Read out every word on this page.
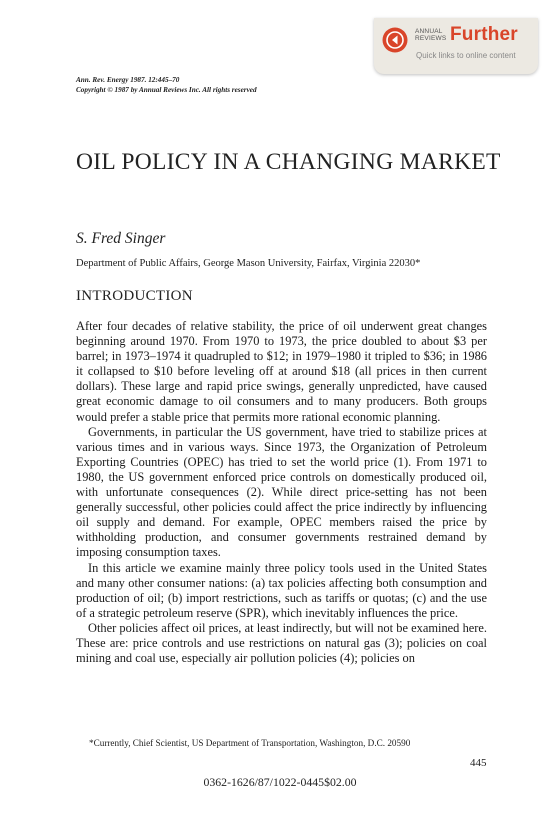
ANNUAL REVIEWS Further
Quick links to online content
Ann. Rev. Energy 1987. 12:445–70
Copyright © 1987 by Annual Reviews Inc. All rights reserved
OIL POLICY IN A CHANGING MARKET
S. Fred Singer
Department of Public Affairs, George Mason University, Fairfax, Virginia 22030*
INTRODUCTION

After four decades of relative stability, the price of oil underwent great changes beginning around 1970. From 1970 to 1973, the price doubled to about $3 per barrel; in 1973–1974 it quadrupled to $12; in 1979–1980 it tripled to $36; in 1986 it collapsed to $10 before leveling off at around $18 (all prices in then current dollars). These large and rapid price swings, generally unpredicted, have caused great economic damage to oil consumers and to many producers. Both groups would prefer a stable price that permits more rational economic planning.

Governments, in particular the US government, have tried to stabilize prices at various times and in various ways. Since 1973, the Organization of Petroleum Exporting Countries (OPEC) has tried to set the world price (1). From 1971 to 1980, the US government enforced price controls on domestically produced oil, with unfortunate consequences (2). While direct price-setting has not been generally successful, other policies could affect the price indirectly by influencing oil supply and demand. For example, OPEC members raised the price by withholding production, and consumer governments restrained demand by imposing consumption taxes.

In this article we examine mainly three policy tools used in the United States and many other consumer nations: (a) tax policies affecting both consumption and production of oil; (b) import restrictions, such as tariffs or quotas; (c) and the use of a strategic petroleum reserve (SPR), which inevitably influences the price.

Other policies affect oil prices, at least indirectly, but will not be examined here. These are: price controls and use restrictions on natural gas (3); policies on coal mining and coal use, especially air pollution policies (4); policies on

*Currently, Chief Scientist, US Department of Transportation, Washington, D.C. 20590
445
0362-1626/87/1022-0445$02.00
